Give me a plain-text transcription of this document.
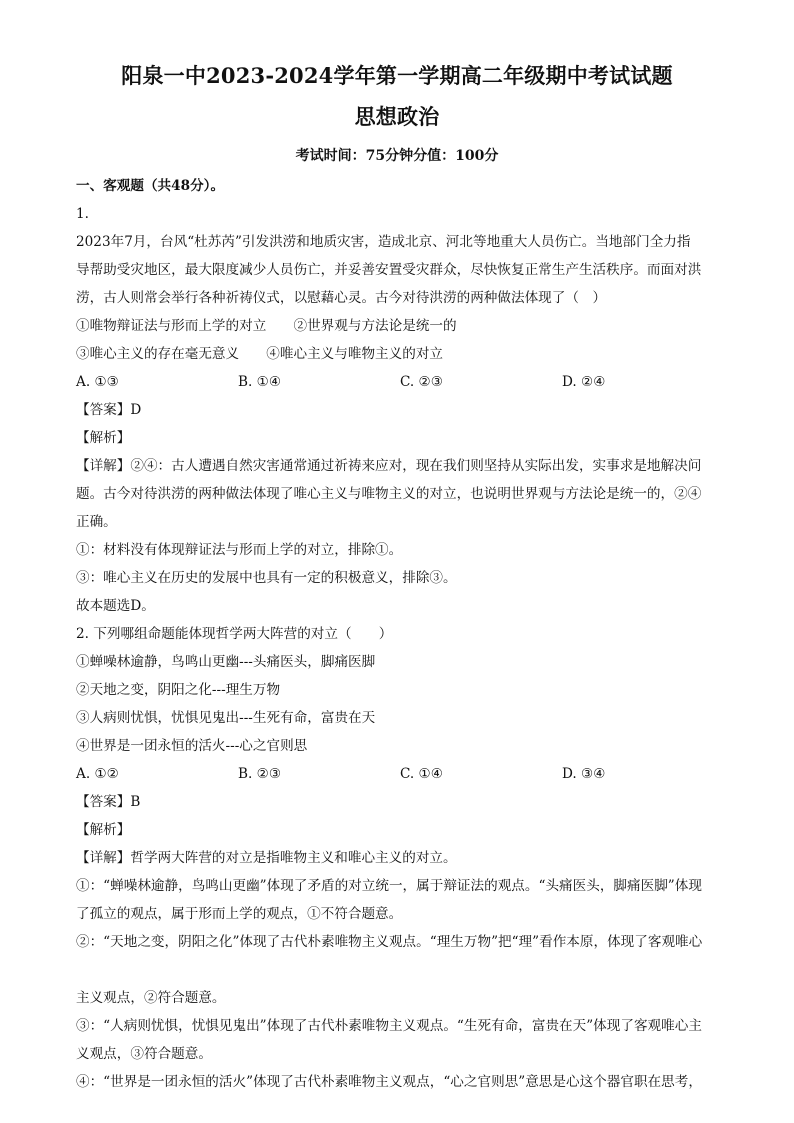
阳泉一中2023-2024学年第一学期高二年级期中考试试题
思想政治
考试时间：75分钟分值：100分
一、客观题（共48分）。
1.
2023年7月，台风“杜苏芮”引发洪涝和地质灾害，造成北京、河北等地重大人员伤亡。当地部门全力指
导帮助受灾地区，最大限度减少人员伤亡，并妥善安置受灾群众，尽快恢复正常生产生活秩序。而面对洪
涝，古人则常会举行各种祈祷仪式，以慰藉心灵。古今对待洪涝的两种做法体现了（　）
①唯物辩证法与形而上学的对立　　②世界观与方法论是统一的
③唯心主义的存在毫无意义　　④唯心主义与唯物主义的对立
A. ①③	B. ①④	C. ②③	D. ②④
【答案】D
【解析】
【详解】②④：古人遭遇自然灾害通常通过祈祷来应对，现在我们则坚持从实际出发，实事求是地解决问
题。古今对待洪涝的两种做法体现了唯心主义与唯物主义的对立，也说明世界观与方法论是统一的，②④
正确。
①：材料没有体现辩证法与形而上学的对立，排除①。
③：唯心主义在历史的发展中也具有一定的积极意义，排除③。
故本题选D。
2. 下列哪组命题能体现哲学两大阵营的对立（　　）
①蝉噪林逾静，鸟鸣山更幽---头痛医头，脚痛医脚
②天地之变，阴阳之化---理生万物
③人病则忧惧，忧惧见鬼出---生死有命，富贵在天
④世界是一团永恒的活火---心之官则思
A. ①②	B. ②③	C. ①④	D. ③④
【答案】B
【解析】
【详解】哲学两大阵营的对立是指唯物主义和唯心主义的对立。
①：“蝉噪林逾静，鸟鸣山更幽”体现了矛盾的对立统一，属于辩证法的观点。“头痛医头，脚痛医脚”体现
了孤立的观点，属于形而上学的观点，①不符合题意。
②：“天地之变，阴阳之化”体现了古代朴素唯物主义观点。“理生万物”把“理”看作本原，体现了客观唯心
主义观点，②符合题意。
③：“人病则忧惧，忧惧见鬼出”体现了古代朴素唯物主义观点。“生死有命，富贵在天”体现了客观唯心主
义观点，③符合题意。
④：“世界是一团永恒的活火”体现了古代朴素唯物主义观点，“心之官则思”意思是心这个器官职在思考，
